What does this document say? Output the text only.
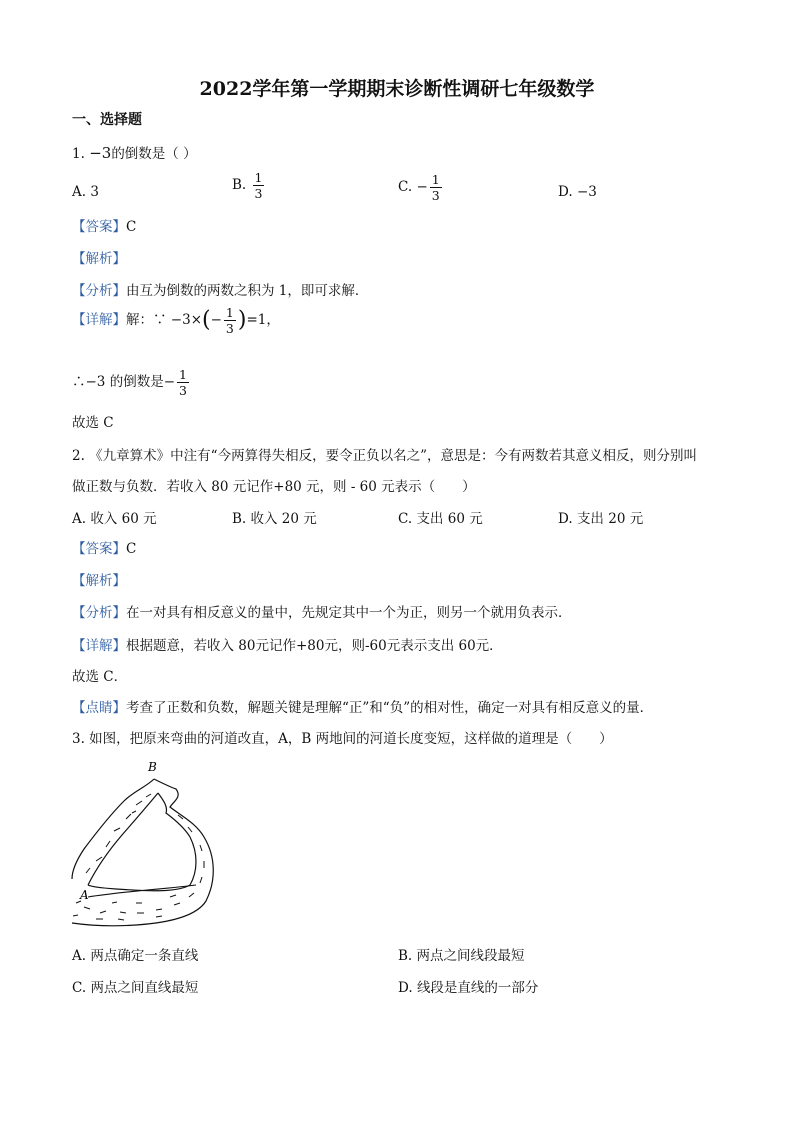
2022学年第一学期期末诊断性调研七年级数学
一、选择题
1. −3的倒数是（ ）
A. 3	B. $\frac{1}{3}$	C. − $\frac{1}{3}$	D. −3
【答案】C
【解析】
【分析】由互为倒数的两数之积为 1，即可求解．
【详解】解：∵ $-3\times(- \frac{1}{3} )=1$，
∴−3 的倒数是− $\frac{1}{3}$
故选 C
2. 《九章算术》中注有“今两算得失相反，要令正负以名之”，意思是：今有两数若其意义相反，则分别叫
做正数与负数．若收入 80 元记作+80 元，则 - 60 元表示（　　）
A. 收入 60 元	B. 收入 20 元	C. 支出 60 元	D. 支出 20 元
【答案】C
【解析】
【分析】在一对具有相反意义的量中，先规定其中一个为正，则另一个就用负表示．
【详解】根据题意，若收入 80元记作+80元，则-60元表示支出 60元．
故选 C．
【点睛】考查了正数和负数，解题关键是理解“正”和“负”的相对性，确定一对具有相反意义的量．
3. 如图，把原来弯曲的河道改直，A，B 两地间的河道长度变短，这样做的道理是（　　）
B
A
A. 两点确定一条直线	B. 两点之间线段最短
C. 两点之间直线最短	D. 线段是直线的一部分
